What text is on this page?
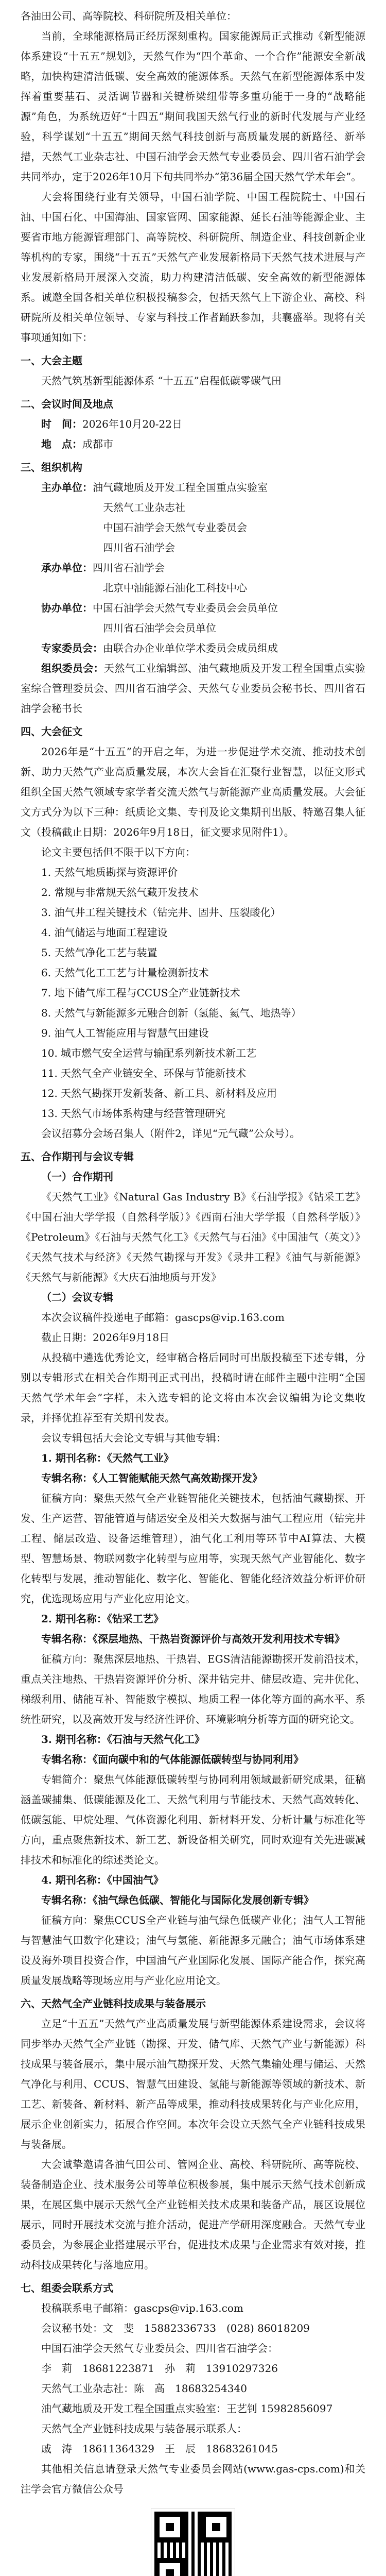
各油田公司、高等院校、科研院所及相关单位：

当前，全球能源格局正经历深刻重构。国家能源局正式推动《新型能源体系建设“十五五”规划》，天然气作为“四个革命、一个合作”能源安全新战略，加快构建清洁低碳、安全高效的能源体系。天然气在新型能源体系中发挥着重要基石、灵活调节器和关键桥梁纽带等多重功能于一身的“战略能源”角色，为系统迈好“十四五”期间我国天然气行业的新时代发展与产业经验，科学谋划“十五五”期间天然气科技创新与高质量发展的新路径、新举措，天然气工业杂志社、中国石油学会天然气专业委员会、四川省石油学会共同举办，定于2026年10月下旬共同举办“第36届全国天然气学术年会”。

大会将围绕行业有关领导，中国石油学院、中国工程院院士、中国石油、中国石化、中国海油、国家管网、国家能源、延长石油等能源企业、主要省市地方能源管理部门、高等院校、科研院所、制造企业、科技创新企业等机构的专家，围绕“十五五”天然气产业发展新格局下天然气技术进展与产业发展新格局开展深入交流，助力构建清洁低碳、安全高效的新型能源体系。诚邀全国各相关单位积极投稿参会，包括天然气上下游企业、高校、科研院所及相关单位领导、专家与科技工作者踊跃参加，共襄盛举。现将有关事项通知如下：

一、大会主题

天然气筑基新型能源体系 “十五五”启程低碳零碳气田

二、会议时间及地点

时　间：2026年10月20-22日

地　点：成都市

三、组织机构

主办单位：油气藏地质及开发工程全国重点实验室

天然气工业杂志社

中国石油学会天然气专业委员会

四川省石油学会

承办单位：四川省石油学会

北京中油能源石油化工科技中心

协办单位：中国石油学会天然气专业委员会会员单位

四川省石油学会会员单位

专家委员会：由联合办企业单位学术委员会成员组成

组织委员会：天然气工业编辑部、油气藏地质及开发工程全国重点实验室综合管理委员会、四川省石油学会、天然气专业委员会秘书长、四川省石油学会秘书长

四、大会征文

2026年是“十五五”的开启之年，为进一步促进学术交流、推动技术创新、助力天然气产业高质量发展，本次大会旨在汇聚行业智慧，以征文形式组织全国天然气领域专家学者交流天然气与新能源产业高质量发展。大会征文方式分为以下三种：纸质论文集、专刊及论文集期刊出版、特邀召集人征文（投稿截止日期：2026年9月18日，征文要求见附件1）。

论文主要包括但不限于以下方向：

1. 天然气地质勘探与资源评价

2. 常规与非常规天然气藏开发技术

3. 油气井工程关键技术（钻完井、固井、压裂酸化）

4. 油气储运与地面工程建设

5. 天然气净化工艺与装置

6. 天然气化工工艺与计量检测新技术

7. 地下储气库工程与CCUS全产业链新技术

8. 天然气与新能源多元融合创新（氢能、氦气、地热等）

9. 油气人工智能应用与智慧气田建设

10. 城市燃气安全运营与输配系列新技术新工艺

11. 天然气全产业链安全、环保与节能新技术

12. 天然气勘探开发新装备、新工具、新材料及应用

13. 天然气市场体系构建与经营管理研究

会议招募分会场召集人（附件2，详见“元气藏”公众号）。

五、合作期刊与会议专辑

（一）合作期刊

《天然气工业》《Natural Gas Industry B》《石油学报》《钻采工艺》《中国石油大学学报（自然科学版）》《西南石油大学学报（自然科学版）》《Petroleum》《石油与天然气化工》《天然气与石油》《中国油气（英文）》《天然气技术与经济》《天然气勘探与开发》《录井工程》《油气与新能源》《天然气与新能源》《大庆石油地质与开发》

（二）会议专辑

本次会议稿件投递电子邮箱：gascps@vip.163.com

截止日期：2026年9月18日

从投稿中遴选优秀论文，经审稿合格后同时可出版投稿至下述专辑，分别以专辑形式在相关合作期刊正式刊出，投稿时请在邮件主题中注明“全国天然气学术年会”字样，未入选专辑的论文将由本次会议编辑为论文集收录，并择优推荐至有关期刊发表。

会议专辑包括大会论文专辑与其他专辑：

1. 期刊名称：《天然气工业》

专辑名称：《人工智能赋能天然气高效勘探开发》

征稿方向：聚焦天然气全产业链智能化关键技术，包括油气藏勘探、开发、生产运营、智能管道与储运安全及相关大数据与油气工程应用（钻完井工程、储层改造、设备运维管理），油气化工利用等环节中AI算法、大模型、智慧场景、物联网数字化转型与应用等，实现天然气产业智能化、数字化转型与发展，推动智能化、数字化、智能化、智能化经济效益分析评价研究，优选现场应用与产业化应用论文。

2. 期刊名称：《钻采工艺》

专辑名称：《深层地热、干热岩资源评价与高效开发利用技术专辑》

征稿方向：聚焦深层地热、干热岩、EGS清洁能源勘探开发前沿技术，重点关注地热、干热岩资源评价分析、深井钻完井、储层改造、完井优化、梯级利用、储能互补、智能数字模拟、地质工程一体化等方面的高水平、系统性研究，以及高效开发与经济性评价、环境影响分析等方面的研究论文。

3. 期刊名称：《石油与天然气化工》

专辑名称：《面向碳中和的气体能源低碳转型与协同利用》

专辑简介：聚焦气体能源低碳转型与协同利用领域最新研究成果，征稿涵盖碳捕集、低碳能源及化工、天然气利用与节能技术、天然气高效转化、低碳氢能、甲烷处理、气体资源化利用、新材料开发、分析计量与标准化等方向，重点聚焦新技术、新工艺、新设备相关研究，同时欢迎有关先进碳减排技术和标准化的综述类论文。

4. 期刊名称：《中国油气》

专辑名称：《油气绿色低碳、智能化与国际化发展创新专辑》

征稿方向：聚焦CCUS全产业链与油气绿色低碳产业化；油气人工智能与智慧油气田数字化建设；油气与氢能、新能源多元融合；油气市场体系建设及海外项目投资合作，中国油气产业国际化发展、国际产能合作，探究高质量发展战略等现场应用与产业化应用论文。

六、天然气全产业链科技成果与装备展示

立足“十五五”天然气产业高质量发展与新型能源体系建设需求，会议将同步举办天然气全产业链（勘探、开发、储气库、天然气产业与新能源）科技成果与装备展示，集中展示油气勘探开发、天然气集输处理与储运、天然气净化与利用、CCUS、智慧气田建设、氢能与新能源等领域的新技术、新工艺、新装备、新材料、新产品等成果，推动科技成果转化与产业化应用，展示企业创新实力，拓展合作空间。本次年会设立天然气全产业链科技成果与装备展。

大会诚挚邀请各油气田公司、管网企业、高校、科研院所、高等院校、装备制造企业、技术服务公司等单位积极参展，集中展示天然气技术创新成果，在展区集中展示天然气全产业链相关技术成果和装备产品，展区设展位展示，同时开展技术交流与推介活动，促进产学研用深度融合。天然气专业委员会，为参展企业搭建展示平台，促进技术成果与企业需求有效对接，推动科技成果转化与落地应用。

七、组委会联系方式

投稿联系电子邮箱：gascps@vip.163.com

会议秘书处：文　斐　15882336733　(028) 86018209

中国石油学会天然气专业委员会、四川省石油学会：

李　莉　18681223871　孙　莉　13910297326

天然气工业杂志社：陈　高　18683254340

油气藏地质及开发工程全国重点实验室：王艺钊 15982856097

天然气全产业链科技成果与装备展示联系人：

戚　涛　18611364329　王　辰　18683261045

其他相关信息请登录天然气专业委员会网站(www.gas-cps.com)和关注学会官方微信公众号
